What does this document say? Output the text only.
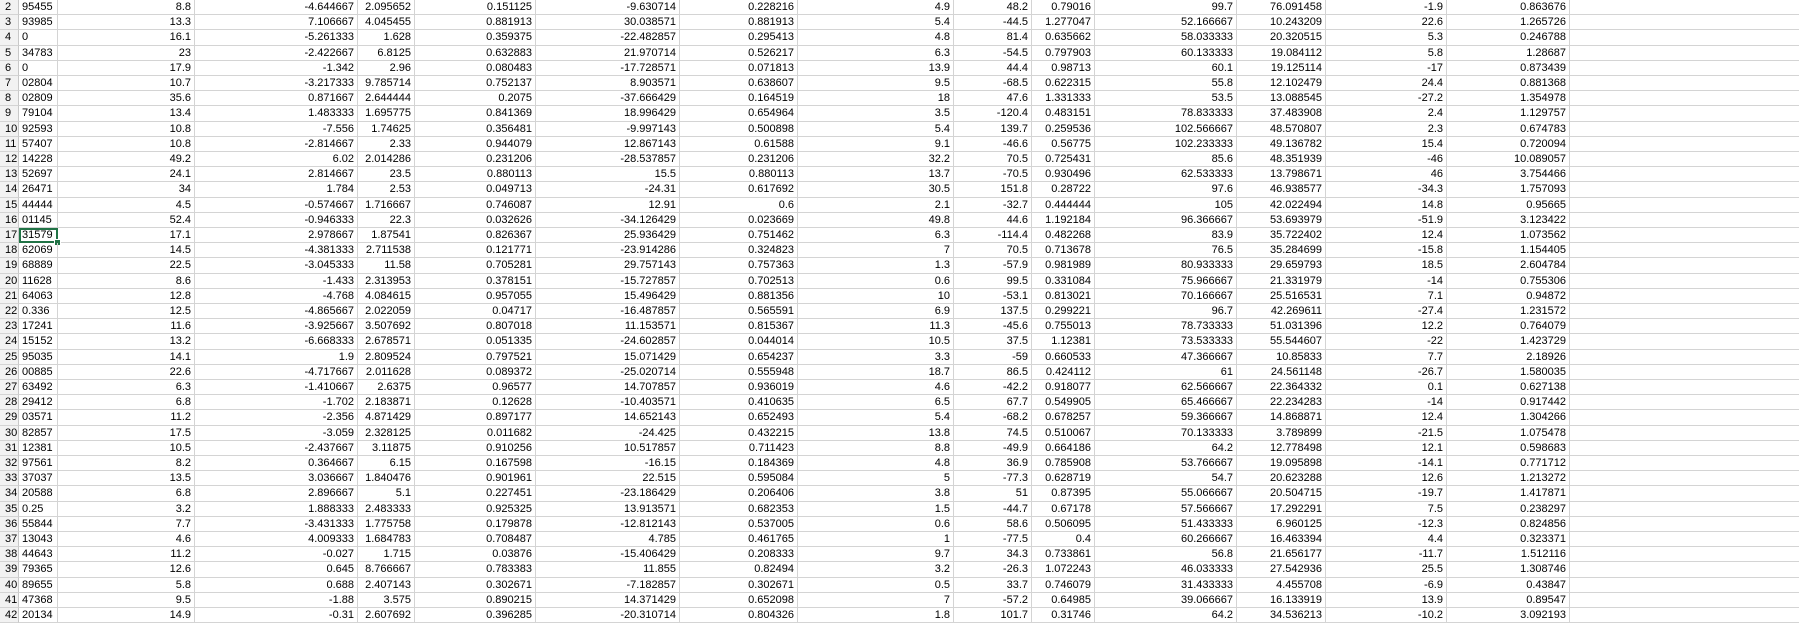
2 95455	8.8	-4.644667	2.095652	0.151125	-9.630714	0.228216	4.9	48.2	0.79016	99.7	76.091458	-1.9	0.863676
3 93985	13.3	7.106667	4.045455	0.881913	30.038571	0.881913	5.4	-44.5	1.277047	52.166667	10.243209	22.6	1.265726
4 0	16.1	-5.261333	1.628	0.359375	-22.482857	0.295413	4.8	81.4	0.635662	58.033333	20.320515	5.3	0.246788
5 34783	23	-2.422667	6.8125	0.632883	21.970714	0.526217	6.3	-54.5	0.797903	60.133333	19.084112	5.8	1.28687
6 0	17.9	-1.342	2.96	0.080483	-17.728571	0.071813	13.9	44.4	0.98713	60.1	19.125114	-17	0.873439
7 02804	10.7	-3.217333	9.785714	0.752137	8.903571	0.638607	9.5	-68.5	0.622315	55.8	12.102479	24.4	0.881368
8 02809	35.6	0.871667	2.644444	0.2075	-37.666429	0.164519	18	47.6	1.331333	53.5	13.088545	-27.2	1.354978
9 79104	13.4	1.483333	1.695775	0.841369	18.996429	0.654964	3.5	-120.4	0.483151	78.833333	37.483908	2.4	1.129757
10 92593	10.8	-7.556	1.74625	0.356481	-9.997143	0.500898	5.4	139.7	0.259536	102.566667	48.570807	2.3	0.674783
11 57407	10.8	-2.814667	2.33	0.944079	12.867143	0.61588	9.1	-46.6	0.56775	102.233333	49.136782	15.4	0.720094
12 14228	49.2	6.02	2.014286	0.231206	-28.537857	0.231206	32.2	70.5	0.725431	85.6	48.351939	-46	10.089057
13 52697	24.1	2.814667	23.5	0.880113	15.5	0.880113	13.7	-70.5	0.930496	62.533333	13.798671	46	3.754466
14 26471	34	1.784	2.53	0.049713	-24.31	0.617692	30.5	151.8	0.28722	97.6	46.938577	-34.3	1.757093
15 44444	4.5	-0.574667	1.716667	0.746087	12.91	0.6	2.1	-32.7	0.444444	105	42.022494	14.8	0.95665
16 01145	52.4	-0.946333	22.3	0.032626	-34.126429	0.023669	49.8	44.6	1.192184	96.366667	53.693979	-51.9	3.123422
17 31579	17.1	2.978667	1.87541	0.826367	25.936429	0.751462	6.3	-114.4	0.482268	83.9	35.722402	12.4	1.073562
18 62069	14.5	-4.381333	2.711538	0.121771	-23.914286	0.324823	7	70.5	0.713678	76.5	35.284699	-15.8	1.154405
19 68889	22.5	-3.045333	11.58	0.705281	29.757143	0.757363	1.3	-57.9	0.981989	80.933333	29.659793	18.5	2.604784
20 11628	8.6	-1.433	2.313953	0.378151	-15.727857	0.702513	0.6	99.5	0.331084	75.966667	21.331979	-14	0.755306
21 64063	12.8	-4.768	4.084615	0.957055	15.496429	0.881356	10	-53.1	0.813021	70.166667	25.516531	7.1	0.94872
22 0.336	12.5	-4.865667	2.022059	0.04717	-16.487857	0.565591	6.9	137.5	0.299221	96.7	42.269611	-27.4	1.231572
23 17241	11.6	-3.925667	3.507692	0.807018	11.153571	0.815367	11.3	-45.6	0.755013	78.733333	51.031396	12.2	0.764079
24 15152	13.2	-6.668333	2.678571	0.051335	-24.602857	0.044014	10.5	37.5	1.12381	73.533333	55.544607	-22	1.423729
25 95035	14.1	1.9	2.809524	0.797521	15.071429	0.654237	3.3	-59	0.660533	47.366667	10.85833	7.7	2.18926
26 00885	22.6	-4.717667	2.011628	0.089372	-25.020714	0.555948	18.7	86.5	0.424112	61	24.561148	-26.7	1.580035
27 63492	6.3	-1.410667	2.6375	0.96577	14.707857	0.936019	4.6	-42.2	0.918077	62.566667	22.364332	0.1	0.627138
28 29412	6.8	-1.702	2.183871	0.12628	-10.403571	0.410635	6.5	67.7	0.549905	65.466667	22.234283	-14	0.917442
29 03571	11.2	-2.356	4.871429	0.897177	14.652143	0.652493	5.4	-68.2	0.678257	59.366667	14.868871	12.4	1.304266
30 82857	17.5	-3.059	2.328125	0.011682	-24.425	0.432215	13.8	74.5	0.510067	70.133333	3.789899	-21.5	1.075478
31 12381	10.5	-2.437667	3.11875	0.910256	10.517857	0.711423	8.8	-49.9	0.664186	64.2	12.778498	12.1	0.598683
32 97561	8.2	0.364667	6.15	0.167598	-16.15	0.184369	4.8	36.9	0.785908	53.766667	19.095898	-14.1	0.771712
33 37037	13.5	3.036667	1.840476	0.901961	22.515	0.595084	5	-77.3	0.628719	54.7	20.623288	12.6	1.213272
34 20588	6.8	2.896667	5.1	0.227451	-23.186429	0.206406	3.8	51	0.87395	55.066667	20.504715	-19.7	1.417871
35 0.25	3.2	1.888333	2.483333	0.925325	13.913571	0.682353	1.5	-44.7	0.67178	57.566667	17.292291	7.5	0.238297
36 55844	7.7	-3.431333	1.775758	0.179878	-12.812143	0.537005	0.6	58.6	0.506095	51.433333	6.960125	-12.3	0.824856
37 13043	4.6	4.009333	1.684783	0.708487	4.785	0.461765	1	-77.5	0.4	60.266667	16.463394	4.4	0.323371
38 44643	11.2	-0.027	1.715	0.03876	-15.406429	0.208333	9.7	34.3	0.733861	56.8	21.656177	-11.7	1.512116
39 79365	12.6	0.645	8.766667	0.783383	11.855	0.82494	3.2	-26.3	1.072243	46.033333	27.542936	25.5	1.308746
40 89655	5.8	0.688	2.407143	0.302671	-7.182857	0.302671	0.5	33.7	0.746079	31.433333	4.455708	-6.9	0.43847
41 47368	9.5	-1.88	3.575	0.890215	14.371429	0.652098	7	-57.2	0.64985	39.066667	16.133919	13.9	0.89547
42 20134	14.9	-0.31	2.607692	0.396285	-20.310714	0.804326	1.8	101.7	0.31746	64.2	34.536213	-10.2	3.092193
